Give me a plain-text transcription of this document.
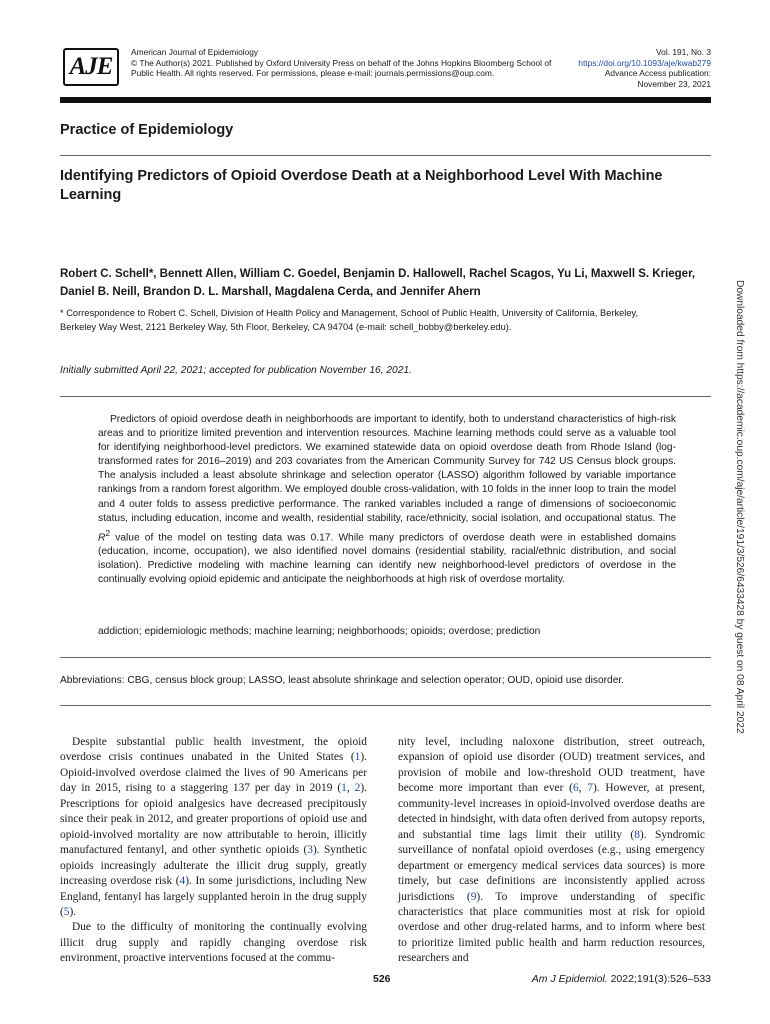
AJE
American Journal of Epidemiology
© The Author(s) 2021. Published by Oxford University Press on behalf of the Johns Hopkins Bloomberg School of Public Health. All rights reserved. For permissions, please e-mail: journals.permissions@oup.com.
Vol. 191, No. 3
https://doi.org/10.1093/aje/kwab279
Advance Access publication:
November 23, 2021
Practice of Epidemiology
Identifying Predictors of Opioid Overdose Death at a Neighborhood Level With Machine Learning
Robert C. Schell*, Bennett Allen, William C. Goedel, Benjamin D. Hallowell, Rachel Scagos, Yu Li, Maxwell S. Krieger, Daniel B. Neill, Brandon D. L. Marshall, Magdalena Cerda, and Jennifer Ahern
* Correspondence to Robert C. Schell, Division of Health Policy and Management, School of Public Health, University of California, Berkeley, Berkeley Way West, 2121 Berkeley Way, 5th Floor, Berkeley, CA 94704 (e-mail: schell_bobby@berkeley.edu).
Initially submitted April 22, 2021; accepted for publication November 16, 2021.

Predictors of opioid overdose death in neighborhoods are important to identify, both to understand characteristics of high-risk areas and to prioritize limited prevention and intervention resources. Machine learning methods could serve as a valuable tool for identifying neighborhood-level predictors. We examined statewide data on opioid overdose death from Rhode Island (log-transformed rates for 2016–2019) and 203 covariates from the American Community Survey for 742 US Census block groups. The analysis included a least absolute shrinkage and selection operator (LASSO) algorithm followed by variable importance rankings from a random forest algorithm. We employed double cross-validation, with 10 folds in the inner loop to train the model and 4 outer folds to assess predictive performance. The ranked variables included a range of dimensions of socioeconomic status, including education, income and wealth, residential stability, race/ethnicity, social isolation, and occupational status. The $R^2$ value of the model on testing data was 0.17. While many predictors of overdose death were in established domains (education, income, occupation), we also identified novel domains (residential stability, racial/ethnic distribution, and social isolation). Predictive modeling with machine learning can identify new neighborhood-level predictors of overdose in the continually evolving opioid epidemic and anticipate the neighborhoods at high risk of overdose mortality.

addiction; epidemiologic methods; machine learning; neighborhoods; opioids; overdose; prediction
Abbreviations: CBG, census block group; LASSO, least absolute shrinkage and selection operator; OUD, opioid use disorder.

Despite substantial public health investment, the opioid overdose crisis continues unabated in the United States (1). Opioid-involved overdose claimed the lives of 90 Americans per day in 2015, rising to a staggering 137 per day in 2019 (1, 2). Prescriptions for opioid analgesics have decreased precipitously since their peak in 2012, and greater proportions of opioid use and opioid-involved mortality are now attributable to heroin, illicitly manufactured fentanyl, and other synthetic opioids (3). Synthetic opioids increasingly adulterate the illicit drug supply, greatly increasing overdose risk (4). In some jurisdictions, including New England, fentanyl has largely supplanted heroin in the drug supply (5).

Due to the difficulty of monitoring the continually evolving illicit drug supply and rapidly changing overdose risk environment, proactive interventions focused at the commu-

nity level, including naloxone distribution, street outreach, expansion of opioid use disorder (OUD) treatment services, and provision of mobile and low-threshold OUD treatment, have become more important than ever (6, 7). However, at present, community-level increases in opioid-involved overdose deaths are detected in hindsight, with data often derived from autopsy reports, and substantial time lags limit their utility (8). Syndromic surveillance of nonfatal opioid overdoses (e.g., using emergency department or emergency medical services data sources) is more timely, but case definitions are inconsistently applied across jurisdictions (9). To improve understanding of specific characteristics that place communities most at risk for opioid overdose and other drug-related harms, and to inform where best to prioritize limited public health and harm reduction resources, researchers and

526	Am J Epidemiol. 2022;191(3):526–533
Downloaded from https://academic.oup.com/aje/article/191/3/526/6433428 by guest on 08 April 2022
